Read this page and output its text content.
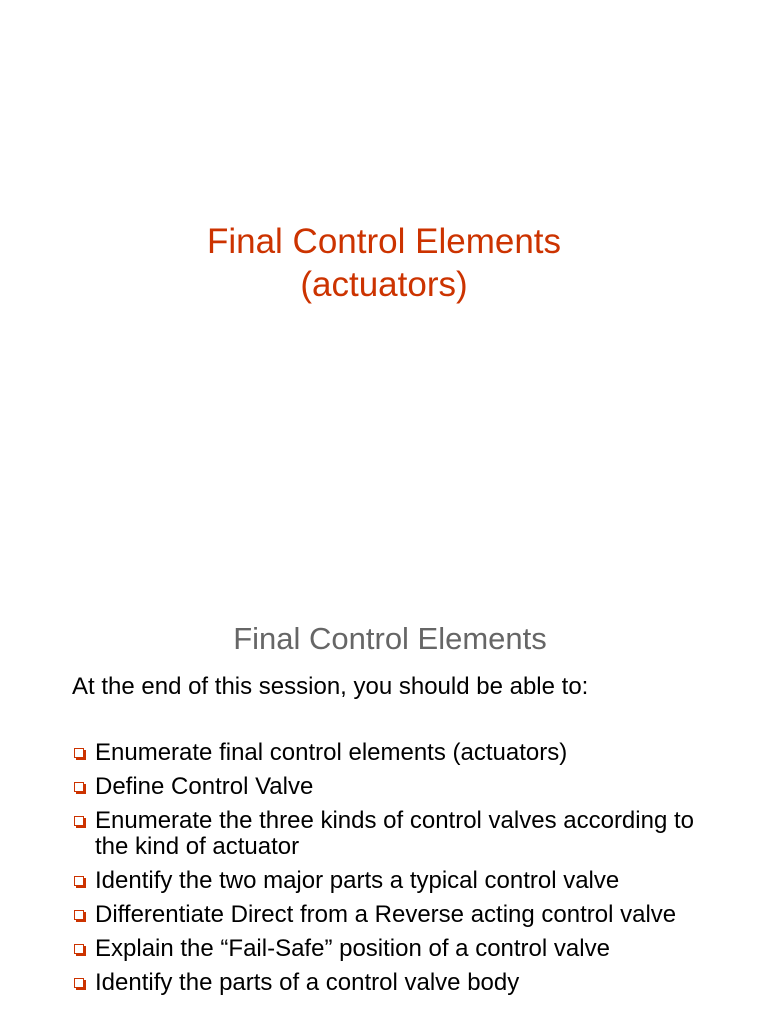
Final Control Elements
(actuators)
Final Control Elements

At the end of this session, you should be able to:

Enumerate final control elements (actuators)
Define Control Valve
Enumerate the three kinds of control valves according to the kind of actuator
Identify the two major parts a typical control valve
Differentiate Direct from a Reverse acting control valve
Explain the “Fail-Safe” position of a control valve
Identify the parts of a control valve body
